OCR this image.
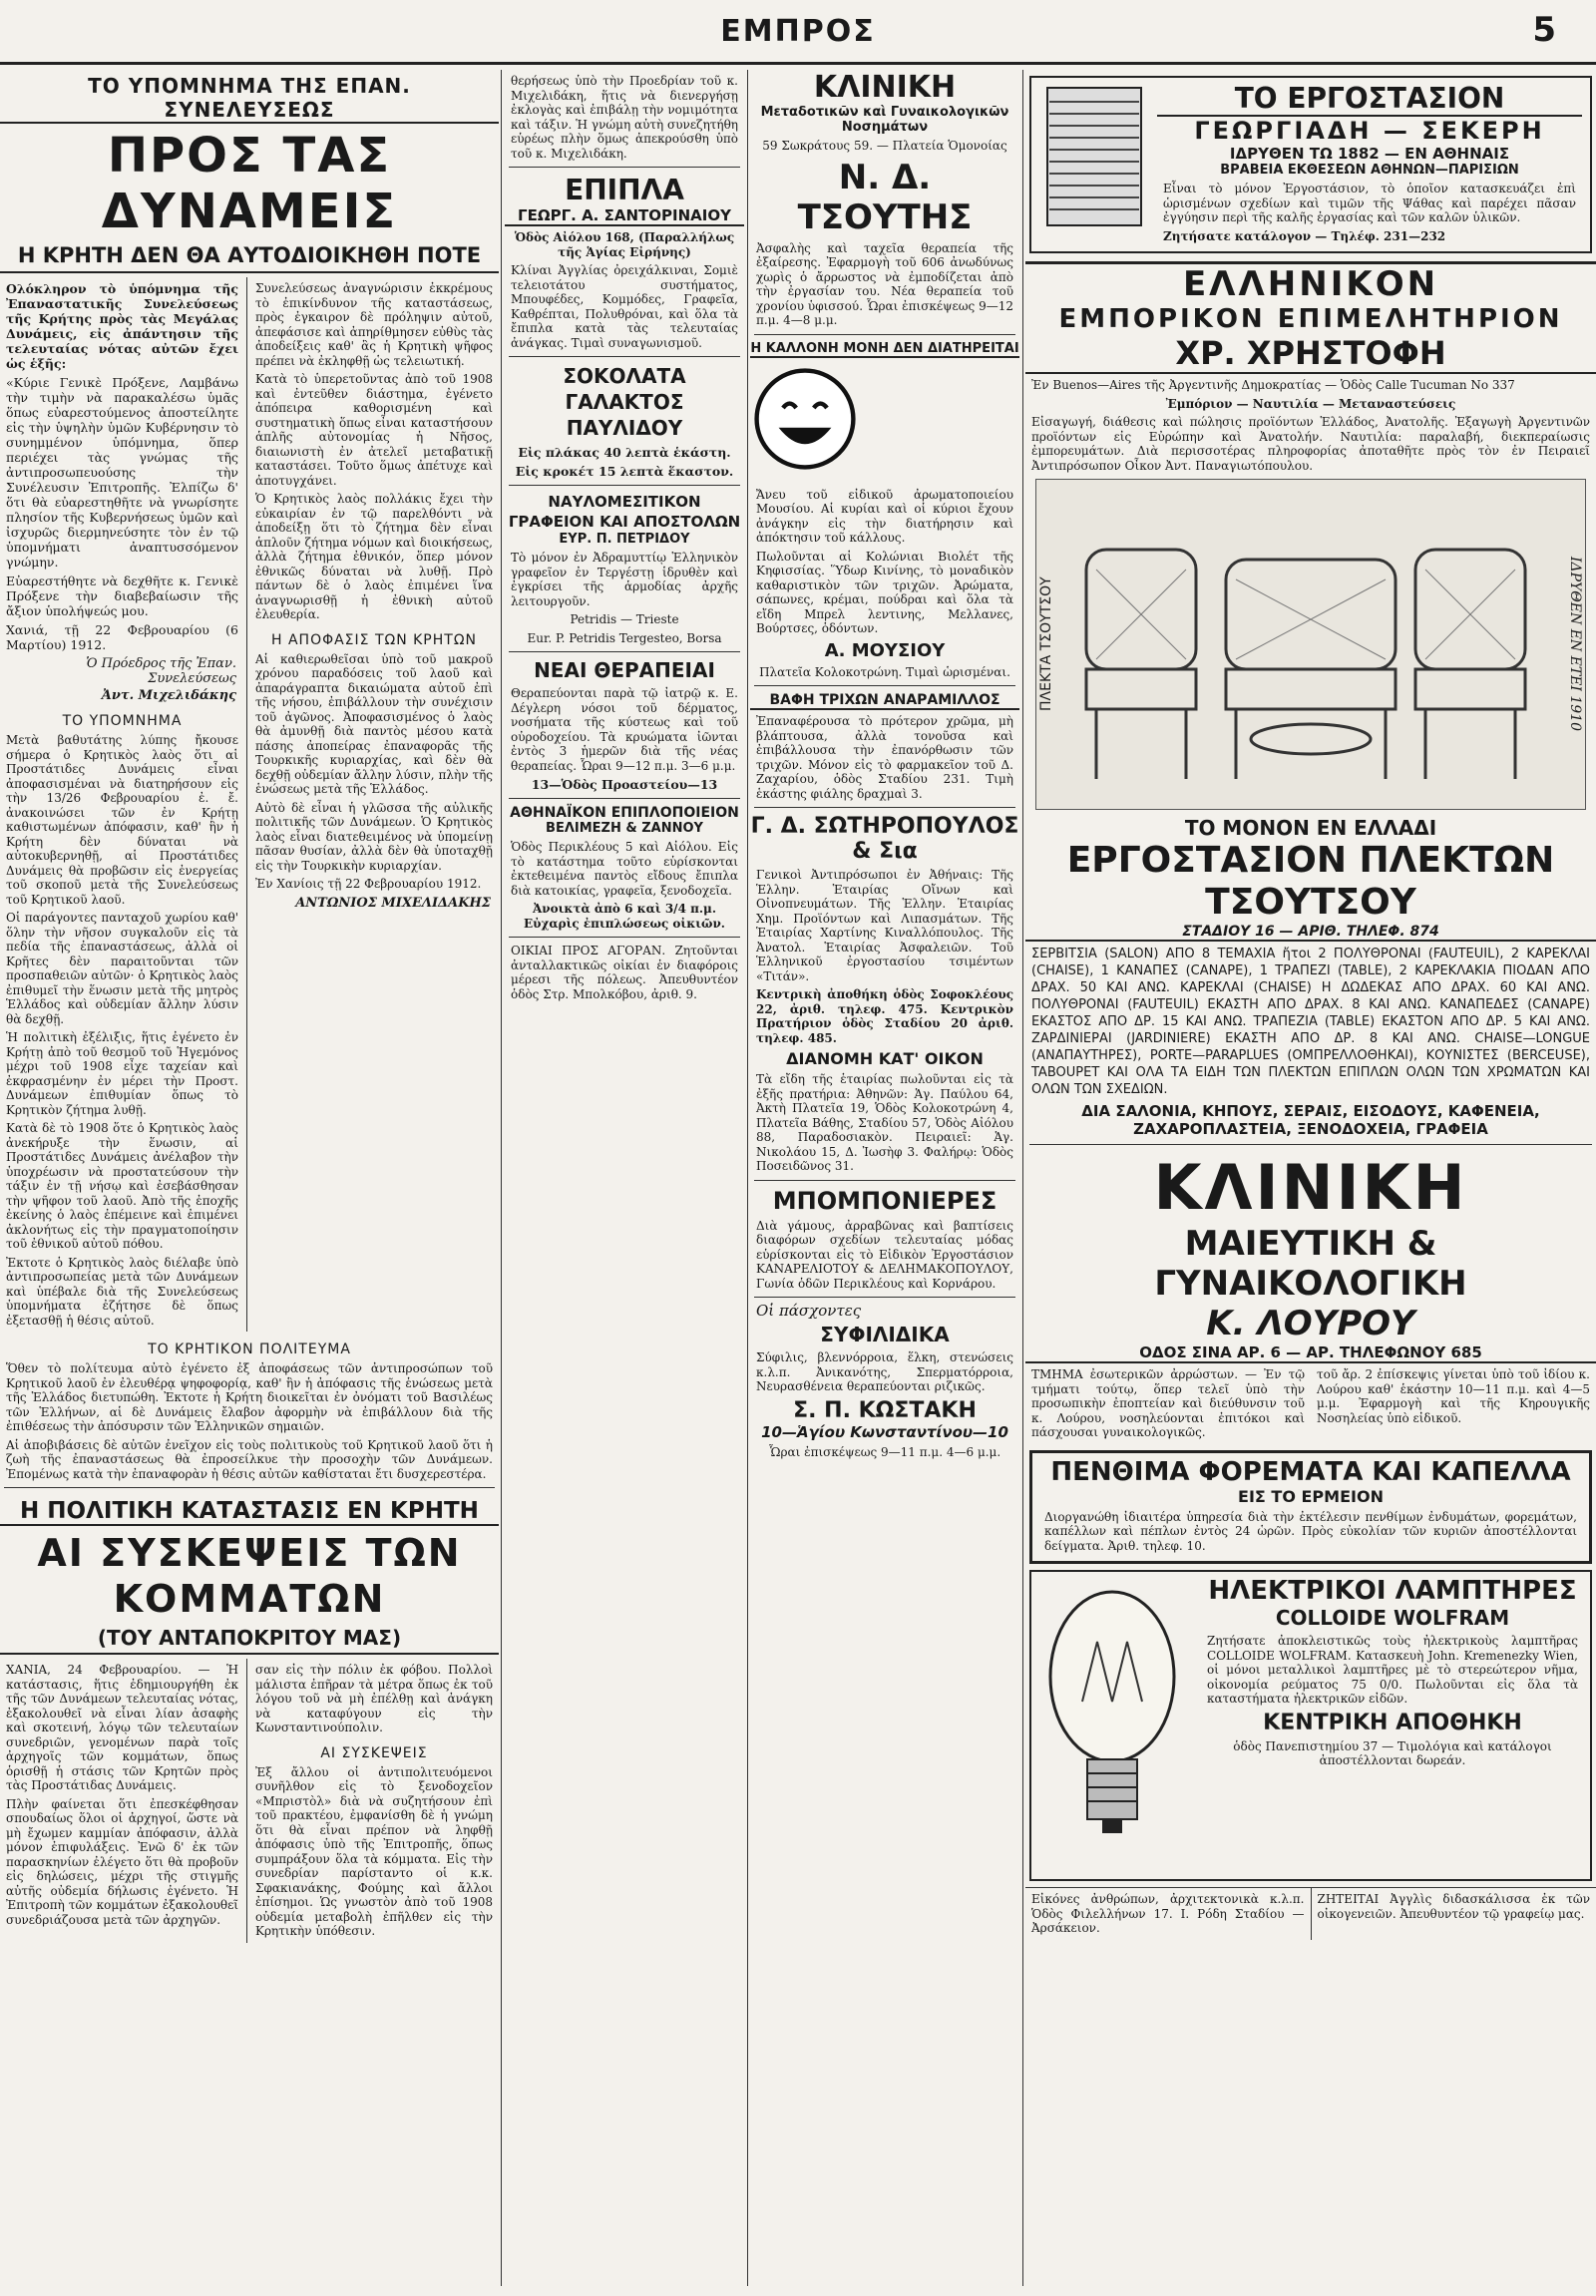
ΕΜΠΡΟΣ	5
ΤΟ ΥΠΟΜΝΗΜΑ ΤΗΣ ΕΠΑΝ. ΣΥΝΕΛΕΥΣΕΩΣ
ΠΡΟΣ ΤΑΣ ΔΥΝΑΜΕΙΣ
Η ΚΡΗΤΗ ΔΕΝ ΘΑ ΑΥΤΟΔΙΟΙΚΗΘΗ ΠΟΤΕ

Ολόκληρον τὸ ὑπόμνημα τῆς Ἐπαναστατικῆς Συνελεύσεως τῆς Κρήτης πρὸς τὰς Μεγάλας Δυνάμεις, εἰς ἀπάντησιν τῆς τελευταίας νότας αὐτῶν ἔχει ὡς ἑξῆς:

«Κύριε Γενικὲ Πρόξενε, Λαμβάνω τὴν τιμὴν νὰ παρακαλέσω ὑμᾶς ὅπως εὐαρεστούμενος ἀποστείλητε εἰς τὴν ὑψηλὴν ὑμῶν Κυβέρνησιν τὸ συνημμένον ὑπόμνημα, ὅπερ περιέχει τὰς γνώμας τῆς ἀντιπροσωπευούσης τὴν Συνέλευσιν Ἐπιτροπῆς. Ἐλπίζω δ' ὅτι θὰ εὐαρεστηθῆτε νὰ γνωρίσητε πλησίον τῆς Κυβερνήσεως ὑμῶν καὶ ἰσχυρῶς διερμηνεύσητε τὸν ἐν τῷ ὑπομνήματι ἀναπτυσσόμενον γνώμην.

Εὐαρεστήθητε νὰ δεχθῆτε κ. Γενικὲ Πρόξενε τὴν διαβεβαίωσιν τῆς ἄξιον ὑπολήψεώς μου.

Χανιά, τῇ 22 Φεβρουαρίου (6 Μαρτίου) 1912.

Ὁ Πρόεδρος τῆς Ἐπαν. Συνελεύσεως
Ἀντ. Μιχελιδάκης
ΤΟ ΥΠΟΜΝΗΜΑ

Μετὰ βαθυτάτης λύπης ἤκουσε σήμερα ὁ Κρητικὸς λαὸς ὅτι αἱ Προστάτιδες Δυνάμεις εἶναι ἀποφασισμέναι νὰ διατηρήσουν εἰς τὴν 13/26 Φεβρουαρίου ἐ. ἔ. ἀνακοινώσει τῶν ἐν Κρήτῃ καθιστωμένων ἀπόφασιν, καθ' ἣν ἡ Κρήτη δὲν δύναται νὰ αὐτοκυβερνηθῇ, αἱ Προστάτιδες Δυνάμεις θὰ προβῶσιν εἰς ἐνεργείας τοῦ σκοποῦ μετὰ τῆς Συνελεύσεως τοῦ Κρητικοῦ λαοῦ.

Οἱ παράγοντες πανταχοῦ χωρίου καθ' ὅλην τὴν νῆσον συγκαλοῦν εἰς τὰ πεδία τῆς ἐπαναστάσεως, ἀλλὰ οἱ Κρῆτες δὲν παραιτοῦνται τῶν προσπαθειῶν αὐτῶν· ὁ Κρητικὸς λαὸς ἐπιθυμεῖ τὴν ἕνωσιν μετὰ τῆς μητρὸς Ἑλλάδος καὶ οὐδεμίαν ἄλλην λύσιν θὰ δεχθῇ.

Ἡ πολιτικὴ ἐξέλιξις, ἥτις ἐγένετο ἐν Κρήτῃ ἀπὸ τοῦ θεσμοῦ τοῦ Ἡγεμόνος μέχρι τοῦ 1908 εἶχε ταχείαν καὶ ἐκφρασμένην ἐν μέρει τὴν Προστ. Δυνάμεων ἐπιθυμίαν ὅπως τὸ Κρητικὸν ζήτημα λυθῇ.

Κατὰ δὲ τὸ 1908 ὅτε ὁ Κρητικὸς λαὸς ἀνεκήρυξε τὴν ἕνωσιν, αἱ Προστάτιδες Δυνάμεις ἀνέλαβον τὴν ὑποχρέωσιν νὰ προστατεύσουν τὴν τάξιν ἐν τῇ νήσῳ καὶ ἐσεβάσθησαν τὴν ψῆφον τοῦ λαοῦ. Ἀπὸ τῆς ἐποχῆς ἐκείνης ὁ λαὸς ἐπέμεινε καὶ ἐπιμένει ἀκλονήτως εἰς τὴν πραγματοποίησιν τοῦ ἐθνικοῦ αὐτοῦ πόθου.

Ἐκτοτε ὁ Κρητικὸς λαὸς διέλαβε ὑπὸ ἀντιπροσωπείας μετὰ τῶν Δυνάμεων καὶ ὑπέβαλε διὰ τῆς Συνελεύσεως ὑπομνήματα ἐζήτησε δὲ ὅπως ἐξετασθῇ ἡ θέσις αὐτοῦ.

Συνελεύσεως ἀναγνώρισιν ἐκκρέμους τὸ ἐπικίνδυνον τῆς καταστάσεως, πρὸς ἐγκαιρον δὲ πρόληψιν αὐτοῦ, ἀπεφάσισε καὶ ἀπηρίθμησεν εὐθὺς τὰς ἀποδείξεις καθ' ἃς ἡ Κρητικὴ ψῆφος πρέπει νὰ ἐκληφθῇ ὡς τελειωτική.

Κατὰ τὸ ὑπερετοῦντας ἀπὸ τοῦ 1908 καὶ ἐντεῦθεν διάστημα, ἐγένετο ἀπόπειρα καθορισμένη καὶ συστηματικὴ ὅπως εἶναι καταστήσουν ἁπλῆς αὐτονομίας ἡ Νῆσος, διαιωνιστὴ ἐν ἀτελεῖ μεταβατικῇ καταστάσει. Τοῦτο ὅμως ἀπέτυχε καὶ ἀποτυγχάνει.

Ὁ Κρητικὸς λαὸς πολλάκις ἔχει τὴν εὐκαιρίαν ἐν τῷ παρελθόντι νὰ ἀποδείξῃ ὅτι τὸ ζήτημα δὲν εἶναι ἁπλοῦν ζήτημα νόμων καὶ διοικήσεως, ἀλλὰ ζήτημα ἐθνικόν, ὅπερ μόνον ἐθνικῶς δύναται νὰ λυθῇ. Πρὸ πάντων δὲ ὁ λαὸς ἐπιμένει ἵνα ἀναγνωρισθῇ ἡ ἐθνικὴ αὐτοῦ ἐλευθερία.

Η ΑΠΟΦΑΣΙΣ ΤΩΝ ΚΡΗΤΩΝ

Αἱ καθιερωθεῖσαι ὑπὸ τοῦ μακροῦ χρόνου παραδόσεις τοῦ λαοῦ καὶ ἀπαράγραπτα δικαιώματα αὐτοῦ ἐπὶ τῆς νήσου, ἐπιβάλλουν τὴν συνέχισιν τοῦ ἀγῶνος. Ἀποφασισμένος ὁ λαὸς θὰ ἀμυνθῇ διὰ παντὸς μέσου κατὰ πάσης ἀποπείρας ἐπαναφορᾶς τῆς Τουρκικῆς κυριαρχίας, καὶ δὲν θὰ δεχθῇ οὐδεμίαν ἄλλην λύσιν, πλὴν τῆς ἑνώσεως μετὰ τῆς Ἑλλάδος.

Αὐτὸ δὲ εἶναι ἡ γλῶσσα τῆς αὐλικῆς πολιτικῆς τῶν Δυνάμεων. Ὁ Κρητικὸς λαὸς εἶναι διατεθειμένος νὰ ὑπομείνῃ πᾶσαν θυσίαν, ἀλλὰ δὲν θὰ ὑποταχθῇ εἰς τὴν Τουρκικὴν κυριαρχίαν.

Ἐν Χανίοις τῇ 22 Φεβρουαρίου 1912.

ΑΝΤΩΝΙΟΣ ΜΙΧΕΛΙΔΑΚΗΣ
ΤΟ ΚΡΗΤΙΚΟΝ ΠΟΛΙΤΕΥΜΑ

Ὅθεν τὸ πολίτευμα αὐτὸ ἐγένετο ἐξ ἀποφάσεως τῶν ἀντιπροσώπων τοῦ Κρητικοῦ λαοῦ ἐν ἐλευθέρᾳ ψηφοφορίᾳ, καθ' ἣν ἡ ἀπόφασις τῆς ἑνώσεως μετὰ τῆς Ἑλλάδος διετυπώθη. Ἐκτοτε ἡ Κρήτη διοικεῖται ἐν ὀνόματι τοῦ Βασιλέως τῶν Ἑλλήνων, αἱ δὲ Δυνάμεις ἔλαβον ἀφορμὴν νὰ ἐπιβάλλουν διὰ τῆς ἐπιθέσεως τὴν ἀπόσυρσιν τῶν Ἑλληνικῶν σημαιῶν.

Αἱ ἀποβιβάσεις δὲ αὐτῶν ἐνεῖχον εἰς τοὺς πολιτικοὺς τοῦ Κρητικοῦ λαοῦ ὅτι ἡ ζωὴ τῆς ἐπαναστάσεως θὰ ἐπροσείλκυε τὴν προσοχὴν τῶν Δυνάμεων. Ἐπομένως κατὰ τὴν ἐπαναφορὰν ἡ θέσις αὐτῶν καθίσταται ἔτι δυσχερεστέρα.

Η ΠΟΛΙΤΙΚΗ ΚΑΤΑΣΤΑΣΙΣ ΕΝ ΚΡΗΤΗ
ΑΙ ΣΥΣΚΕΨΕΙΣ ΤΩΝ ΚΟΜΜΑΤΩΝ
(ΤΟΥ ΑΝΤΑΠΟΚΡΙΤΟΥ ΜΑΣ)

ΧΑΝΙΑ, 24 Φεβρουαρίου. — Ἡ κατάστασις, ἥτις ἐδημιουργήθη ἐκ τῆς τῶν Δυνάμεων τελευταίας νότας, ἐξακολουθεῖ νὰ εἶναι λίαν ἀσαφὴς καὶ σκοτεινή, λόγῳ τῶν τελευταίων συνεδριῶν, γενομένων παρὰ τοῖς ἀρχηγοῖς τῶν κομμάτων, ὅπως ὁρισθῇ ἡ στάσις τῶν Κρητῶν πρὸς τὰς Προστάτιδας Δυνάμεις.

Πλὴν φαίνεται ὅτι ἐπεσκέφθησαν σπουδαίως ὅλοι οἱ ἀρχηγοί, ὥστε νὰ μὴ ἔχωμεν καμμίαν ἀπόφασιν, ἀλλὰ μόνον ἐπιφυλάξεις. Ἐνῶ δ' ἐκ τῶν παρασκηνίων ἐλέγετο ὅτι θὰ προβοῦν εἰς δηλώσεις, μέχρι τῆς στιγμῆς αὐτῆς οὐδεμία δήλωσις ἐγένετο. Ἡ Ἐπιτροπὴ τῶν κομμάτων ἐξακολουθεῖ συνεδριάζουσα μετὰ τῶν ἀρχηγῶν.

σαν εἰς τὴν πόλιν ἐκ φόβου. Πολλοὶ μάλιστα ἐπῆραν τὰ μέτρα ὅπως ἐκ τοῦ λόγου τοῦ νὰ μὴ ἐπέλθῃ καὶ ἀνάγκη νὰ καταφύγουν εἰς τὴν Κωνσταντινούπολιν.

ΑΙ ΣΥΣΚΕΨΕΙΣ

Ἐξ ἄλλου οἱ ἀντιπολιτευόμενοι συνῆλθον εἰς τὸ ξενοδοχεῖον «Μπριστὸλ» διὰ νὰ συζητήσουν ἐπὶ τοῦ πρακτέου, ἐμφανίσθη δὲ ἡ γνώμη ὅτι θὰ εἶναι πρέπον νὰ ληφθῇ ἀπόφασις ὑπὸ τῆς Ἐπιτροπῆς, ὅπως συμπράξουν ὅλα τὰ κόμματα. Εἰς τὴν συνεδρίαν παρίσταντο οἱ κ.κ. Σφακιανάκης, Φούμης καὶ ἄλλοι ἐπίσημοι. Ὡς γνωστὸν ἀπὸ τοῦ 1908 οὐδεμία μεταβολὴ ἐπῆλθεν εἰς τὴν Κρητικὴν ὑπόθεσιν.

θερήσεως ὑπὸ τὴν Προεδρίαν τοῦ κ. Μιχελιδάκη, ἥτις νὰ διενεργήσῃ ἐκλογὰς καὶ ἐπιβάλῃ τὴν νομιμότητα καὶ τάξιν. Ἡ γνώμη αὐτὴ συνεζητήθη εὑρέως πλὴν ὅμως ἀπεκρούσθη ὑπὸ τοῦ κ. Μιχελιδάκη.

ΕΠΙΠΛΑ
ΓΕΩΡΓ. Α. ΣΑΝΤΟΡΙΝΑΙΟΥ

Ὁδὸς Αἰόλου 168, (Παραλλήλως τῆς Ἁγίας Εἰρήνης)

Κλίναι Ἀγγλίας ὀρειχάλκιναι, Σομιὲ τελειοτάτου συστήματος, Μπουφέδες, Κομμόδες, Γραφεῖα, Καθρέπται, Πολυθρόναι, καὶ ὅλα τὰ ἔπιπλα κατὰ τὰς τελευταίας ἀνάγκας. Τιμαὶ συναγωνισμοῦ.

ΣΟΚΟΛΑΤΑ ΓΑΛΑΚΤΟΣ ΠΑΥΛΙΔΟΥ

Εἰς πλάκας 40 λεπτὰ ἑκάστη.

Εἰς κροκέτ 15 λεπτὰ ἕκαστον.

ΝΑΥΛΟΜΕΣΙΤΙΚΟΝ ΓΡΑΦΕΙΟΝ ΚΑΙ ΑΠΟΣΤΟΛΩΝ
ΕΥΡ. Π. ΠΕΤΡΙΔΟΥ

Τὸ μόνον ἐν Ἀδραμυττίῳ Ἑλληνικὸν γραφεῖον ἐν Τεργέστῃ ἱδρυθὲν καὶ ἐγκρίσει τῆς ἁρμοδίας ἀρχῆς λειτουργοῦν.

Petridis — Trieste

Eur. P. Petridis Tergesteo, Borsa

ΝΕΑΙ ΘΕΡΑΠΕΙΑΙ

Θεραπεύονται παρὰ τῷ ἰατρῷ κ. Ε. Δέγλερη νόσοι τοῦ δέρματος, νοσήματα τῆς κύστεως καὶ τοῦ οὐροδοχείου. Τὰ κρυώματα ἰῶνται ἐντὸς 3 ἡμερῶν διὰ τῆς νέας θεραπείας. Ὧραι 9—12 π.μ. 3—6 μ.μ.

13—Ὁδὸς Προαστείου—13

ΑΘΗΝΑΪΚΟΝ ΕΠΙΠΛΟΠΟΙΕΙΟΝ
ΒΕΛΙΜΕΖΗ & ΖΑΝΝΟΥ

Ὁδὸς Περικλέους 5 καὶ Αἰόλου. Εἰς τὸ κατάστημα τοῦτο εὑρίσκονται ἐκτεθειμένα παντὸς εἴδους ἔπιπλα διὰ κατοικίας, γραφεῖα, ξενοδοχεῖα.

Ἀνοικτὰ ἀπὸ 6 καὶ 3/4 π.μ. Εὐχαρὶς ἐπιπλώσεως οἰκιῶν.

ΟΙΚΙΑΙ ΠΡΟΣ ΑΓΟΡΑΝ. Ζητοῦνται ἀνταλλακτικῶς οἰκίαι ἐν διαφόροις μέρεσι τῆς πόλεως. Ἀπευθυντέον ὁδὸς Στρ. Μπολκόβου, ἀριθ. 9.

ΚΛΙΝΙΚΗ
Μεταδοτικῶν καὶ Γυναικολογικῶν Νοσημάτων

59 Σωκράτους 59. — Πλατεία Ὁμονοίας

Ν. Δ. ΤΣΟΥΤΗΣ

Ἀσφαλὴς καὶ ταχεῖα θεραπεία τῆς ἐξαίρεσης. Ἐφαρμογὴ τοῦ 606 ἀνωδύνως χωρὶς ὁ ἄρρωστος νὰ ἐμποδίζεται ἀπὸ τὴν ἐργασίαν του. Νέα θεραπεία τοῦ χρονίου ὑφισσού. Ὧραι ἐπισκέψεως 9—12 π.μ. 4—8 μ.μ.

Η ΚΑΛΛΟΝΗ ΜΟΝΗ ΔΕΝ ΔΙΑΤΗΡΕΙΤΑΙ

Ἄνευ τοῦ εἰδικοῦ ἀρωματοποιείου Μουσίου. Αἱ κυρίαι καὶ οἱ κύριοι ἔχουν ἀνάγκην εἰς τὴν διατήρησιν καὶ ἀπόκτησιν τοῦ κάλλους.

Πωλοῦνται αἱ Κολώνιαι Βιολέτ τῆς Κηφισσίας. Ὕδωρ Κινίνης, τὸ μοναδικὸν καθαριστικὸν τῶν τριχῶν. Ἀρώματα, σάπωνες, κρέμαι, πούδραι καὶ ὅλα τὰ εἴδη Μπρελ λεντινης, Μελλανες, Βούρτσες, ὁδόντων.

Α. ΜΟΥΣΙΟΥ

Πλατεῖα Κολοκοτρώνη. Τιμαὶ ὡρισμέναι.

ΒΑΦΗ ΤΡΙΧΩΝ ΑΝΑΡΑΜΙΛΛΟΣ

Ἐπαναφέρουσα τὸ πρότερον χρῶμα, μὴ βλάπτουσα, ἀλλὰ τονοῦσα καὶ ἐπιβάλλουσα τὴν ἐπανόρθωσιν τῶν τριχῶν. Μόνον εἰς τὸ φαρμακεῖον τοῦ Δ. Ζαχαρίου, ὁδὸς Σταδίου 231. Τιμὴ ἑκάστης φιάλης δραχμαὶ 3.

Γ. Δ. ΣΩΤΗΡΟΠΟΥΛΟΣ & Σια

Γενικοὶ Ἀντιπρόσωποι ἐν Ἀθήναις: Τῆς Ἑλλην. Ἑταιρίας Οἴνων καὶ Οἰνοπνευμάτων. Τῆς Ἑλλην. Ἑταιρίας Χημ. Προϊόντων καὶ Λιπασμάτων. Τῆς Ἑταιρίας Χαρτίνης Κιναλλόπουλος. Τῆς Ἀνατολ. Ἑταιρίας Ἀσφαλειῶν. Τοῦ Ἑλληνικοῦ ἐργοστασίου τσιμέντων «Τιτάν».

Κεντρικὴ ἀποθήκη ὁδὸς Σοφοκλέους 22, ἀριθ. τηλεφ. 475. Κεντρικὸν Πρατήριον ὁδὸς Σταδίου 20 ἀριθ. τηλεφ. 485.

ΔΙΑΝΟΜΗ ΚΑΤ' ΟΙΚΟΝ

Τὰ εἴδη τῆς ἑταιρίας πωλοῦνται εἰς τὰ ἐξῆς πρατήρια: Ἀθηνῶν: Ἁγ. Παύλου 64, Ἀκτὴ Πλατεῖα 19, Ὁδὸς Κολοκοτρώνη 4, Πλατεῖα Βάθης, Σταδίου 57, Ὁδὸς Αἰόλου 88, Παραδοσιακὸν. Πειραιεῖ: Ἁγ. Νικολάου 15, Δ. Ἰωσὴφ 3. Φαλήρῳ: Ὁδὸς Ποσειδῶνος 31.

ΜΠΟΜΠΟΝΙΕΡΕΣ

Διὰ γάμους, ἀρραβῶνας καὶ βαπτίσεις διαφόρων σχεδίων τελευταίας μόδας εὑρίσκονται εἰς τὸ Εἰδικὸν Ἐργοστάσιον ΚΑΝΑΡΕΛΙΟΤΟΥ & ΔΕΛΗΜΑΚΟΠΟΥΛΟΥ, Γωνία ὁδῶν Περικλέους καὶ Κορνάρου.

Οἱ πάσχοντες

ΣΥΦΙΛΙΔΙΚΑ

Σύφιλις, βλεννόρροια, ἕλκη, στενώσεις κ.λ.π. Ἀνικανότης, Σπερματόρροια, Νευρασθένεια θεραπεύονται ριζικῶς.

Σ. Π. ΚΩΣΤΑΚΗ
10—Ἁγίου Κωνσταντίνου—10

Ὧραι ἐπισκέψεως 9—11 π.μ. 4—6 μ.μ.

ΤΟ ΕΡΓΟΣΤΑΣΙΟΝ
ΓΕΩΡΓΙΑΔΗ — ΣΕΚΕΡΗ
ΙΔΡΥΘΕΝ ΤΩ 1882 — ΕΝ ΑΘΗΝΑΙΣ
ΒΡΑΒΕΙΑ ΕΚΘΕΣΕΩΝ ΑΘΗΝΩΝ—ΠΑΡΙΣΙΩΝ

Εἶναι τὸ μόνον Ἐργοστάσιον, τὸ ὁποῖον κατασκευάζει ἐπὶ ὡρισμένων σχεδίων καὶ τιμῶν τῆς Ψάθας καὶ παρέχει πᾶσαν ἐγγύησιν περὶ τῆς καλῆς ἐργασίας καὶ τῶν καλῶν ὑλικῶν.

Ζητήσατε κατάλογον — Τηλέφ. 231—232

ΕΛΛΗΝΙΚΟΝ
ΕΜΠΟΡΙΚΟΝ ΕΠΙΜΕΛΗΤΗΡΙΟΝ
ΧΡ. ΧΡΗΣΤΟΦΗ

Ἐν Buenos—Aires τῆς Ἀργεντινῆς Δημοκρατίας — Ὁδὸς Calle Tucuman No 337

Ἐμπόριον — Ναυτιλία — Μεταναστεύσεις

Εἰσαγωγή, διάθεσις καὶ πώλησις προϊόντων Ἑλλάδος, Ἀνατολῆς. Ἐξαγωγὴ Ἀργεντινῶν προϊόντων εἰς Εὐρώπην καὶ Ἀνατολήν. Ναυτιλία: παραλαβή, διεκπεραίωσις ἐμπορευμάτων. Διὰ περισσοτέρας πληροφορίας ἀποταθῆτε πρὸς τὸν ἐν Πειραιεῖ Ἀντιπρόσωπον Οἶκον Ἀντ. Παναγιωτόπουλου.

ΠΛΕΚΤΑ ΤΣΟΥΤΣΟΥ	ΙΔΡΥΘΕΝ ΕΝ ΕΤΕΙ 1910
ΤΟ ΜΟΝΟΝ ΕΝ ΕΛΛΑΔΙ
ΕΡΓΟΣΤΑΣΙΟΝ ΠΛΕΚΤΩΝ ΤΣΟΥΤΣΟΥ
ΣΤΑΔΙΟΥ 16 — ΑΡΙΘ. ΤΗΛΕΦ. 874

ΣΕΡΒΙΤΣΙΑ (SALON) ΑΠΟ 8 ΤΕΜΑΧΙΑ ἤτοι 2 ΠΟΛΥΘΡΟΝΑΙ (FAUTEUIL), 2 ΚΑΡΕΚΛΑΙ (CHAISE), 1 ΚΑΝΑΠΕΣ (CANAPE), 1 ΤΡΑΠΕΖΙ (TABLE), 2 ΚΑΡΕΚΛΑΚΙΑ ΠΙΟΔΑΝ ΑΠΟ ΔΡΑΧ. 50 ΚΑΙ ΑΝΩ. ΚΑΡΕΚΛΑΙ (CHAISE) Η ΔΩΔΕΚΑΣ ΑΠΟ ΔΡΑΧ. 60 ΚΑΙ ΑΝΩ. ΠΟΛΥΘΡΟΝΑΙ (FAUTEUIL) ΕΚΑΣΤΗ ΑΠΟ ΔΡΑΧ. 8 ΚΑΙ ΑΝΩ. ΚΑΝΑΠΕΔΕΣ (CANAPE) ΕΚΑΣΤΟΣ ΑΠΟ ΔΡ. 15 ΚΑΙ ΑΝΩ. ΤΡΑΠΕΖΙΑ (TABLE) ΕΚΑΣΤΟΝ ΑΠΟ ΔΡ. 5 ΚΑΙ ΑΝΩ. ΖΑΡΔΙΝΙΕΡΑΙ (JARDINIERE) ΕΚΑΣΤΗ ΑΠΟ ΔΡ. 8 ΚΑΙ ΑΝΩ. CHAISE—LONGUE (ΑΝΑΠΑΥΤΗΡΕΣ), PORTE—PARAPLUES (ΟΜΠΡΕΛΛΟΘΗΚΑΙ), ΚΟΥΝΙΣΤΕΣ (BERCEUSE), TABOUPET ΚΑΙ ΟΛΑ ΤΑ ΕΙΔΗ ΤΩΝ ΠΛΕΚΤΩΝ ΕΠΙΠΛΩΝ ΟΛΩΝ ΤΩΝ ΧΡΩΜΑΤΩΝ ΚΑΙ ΟΛΩΝ ΤΩΝ ΣΧΕΔΙΩΝ.

ΔΙΑ ΣΑΛΟΝΙΑ, ΚΗΠΟΥΣ, ΣΕΡΑΙΣ, ΕΙΣΟΔΟΥΣ, ΚΑΦΕΝΕΙΑ, ΖΑΧΑΡΟΠΛΑΣΤΕΙΑ, ΞΕΝΟΔΟΧΕΙΑ, ΓΡΑΦΕΙΑ
ΚΛΙΝΙΚΗ
ΜΑΙΕΥΤΙΚΗ & ΓΥΝΑΙΚΟΛΟΓΙΚΗ
Κ. ΛΟΥΡΟΥ
ΟΔΟΣ ΣΙΝΑ ΑΡ. 6 — ΑΡ. ΤΗΛΕΦΩΝΟΥ 685

ΤΜΗΜΑ ἐσωτερικῶν ἀρρώστων. — Ἐν τῷ τμήματι τούτῳ, ὅπερ τελεῖ ὑπὸ τὴν προσωπικὴν ἐποπτείαν καὶ διεύθυνσιν τοῦ κ. Λούρου, νοσηλεύονται ἐπιτόκοι καὶ πάσχουσαι γυναικολογικῶς.

τοῦ ἄρ. 2 ἐπίσκεψις γίνεται ὑπὸ τοῦ ἰδίου κ. Λούρου καθ' ἑκάστην 10—11 π.μ. καὶ 4—5 μ.μ. Ἐφαρμογὴ καὶ τῆς Κηρουγικῆς Νοσηλείας ὑπὸ εἰδικοῦ.

ΠΕΝΘΙΜΑ ΦΟΡΕΜΑΤΑ ΚΑΙ ΚΑΠΕΛΛΑ
ΕΙΣ ΤΟ ΕΡΜΕΙΟΝ

Διοργανώθη ἰδιαιτέρα ὑπηρεσία διὰ τὴν ἐκτέλεσιν πενθίμων ἐνδυμάτων, φορεμάτων, καπέλλων καὶ πέπλων ἐντὸς 24 ὡρῶν. Πρὸς εὐκολίαν τῶν κυριῶν ἀποστέλλονται δείγματα. Ἀριθ. τηλεφ. 10.

ΗΛΕΚΤΡΙΚΟΙ ΛΑΜΠΤΗΡΕΣ
COLLOIDE WOLFRAM

Ζητήσατε ἀποκλειστικῶς τοὺς ἠλεκτρικοὺς λαμπτῆρας COLLOIDE WOLFRAM. Κατασκευὴ John. Kremenezky Wien, οἱ μόνοι μεταλλικοὶ λαμπτῆρες μὲ τὸ στερεώτερον νῆμα, οἰκονομία ρεύματος 75 0/0. Πωλοῦνται εἰς ὅλα τὰ καταστήματα ἠλεκτρικῶν εἰδῶν.

ΚΕΝΤΡΙΚΗ ΑΠΟΘΗΚΗ

ὁδὸς Πανεπιστημίου 37 — Τιμολόγια καὶ κατάλογοι ἀποστέλλονται δωρεάν.

Εἰκόνες ἀνθρώπων, ἀρχιτεκτονικὰ κ.λ.π. Ὁδὸς Φιλελλήνων 17. Ι. Ρόδη Σταδίου — Ἀρσάκειον.

ΖΗΤΕΙΤΑΙ Ἀγγλὶς διδασκάλισσα ἐκ τῶν οἰκογενειῶν. Ἀπευθυντέον τῷ γραφείῳ μας.
